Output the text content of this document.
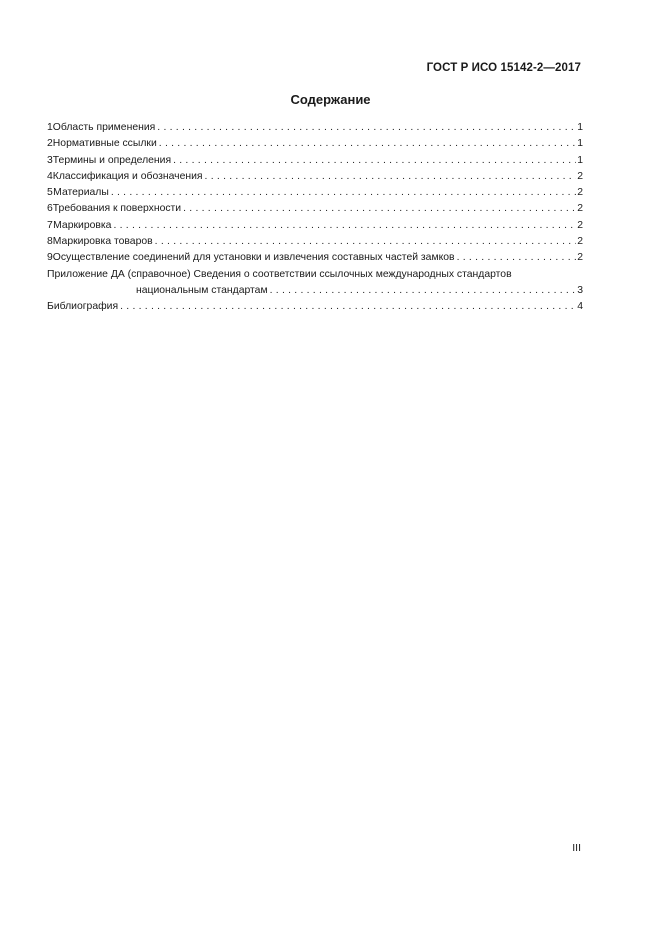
ГОСТ Р ИСО 15142-2—2017
Содержание
1 Область применения . . .	1
2 Нормативные ссылки . . .	1
3 Термины и определения . . .	1
4 Классификация и обозначения . . .	2
5 Материалы . . .	2
6 Требования к поверхности . . .	2
7 Маркировка . . .	2
8 Маркировка товаров . . .	2
9 Осуществление соединений для установки и извлечения составных частей замков . . .	2
Приложение ДА (справочное) Сведения о соответствии ссылочных международных стандартов
национальным стандартам . . .	3
Библиография . . .	4
III
